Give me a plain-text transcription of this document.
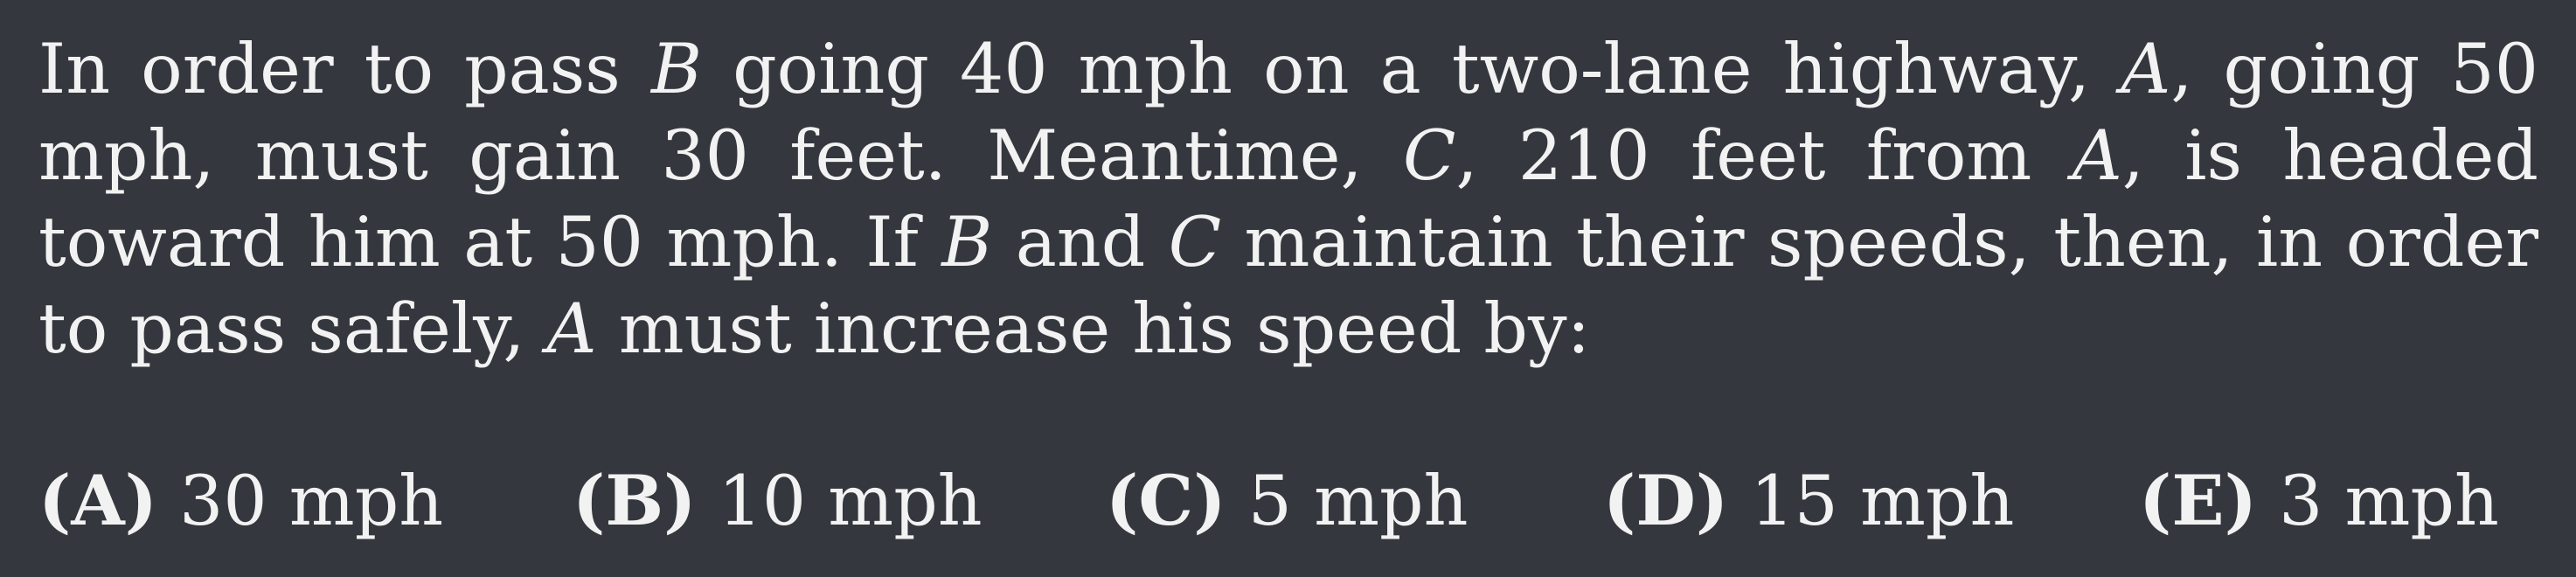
In order to pass B going 40 mph on a two-lane highway, A, going 50 mph, must gain 30 feet. Meantime, C, 210 feet from A, is headed toward him at 50 mph. If B and C maintain their speeds, then, in order to pass safely, A must increase his speed by:

(A) 30 mph (B) 10 mph (C) 5 mph (D) 15 mph (E) 3 mph
